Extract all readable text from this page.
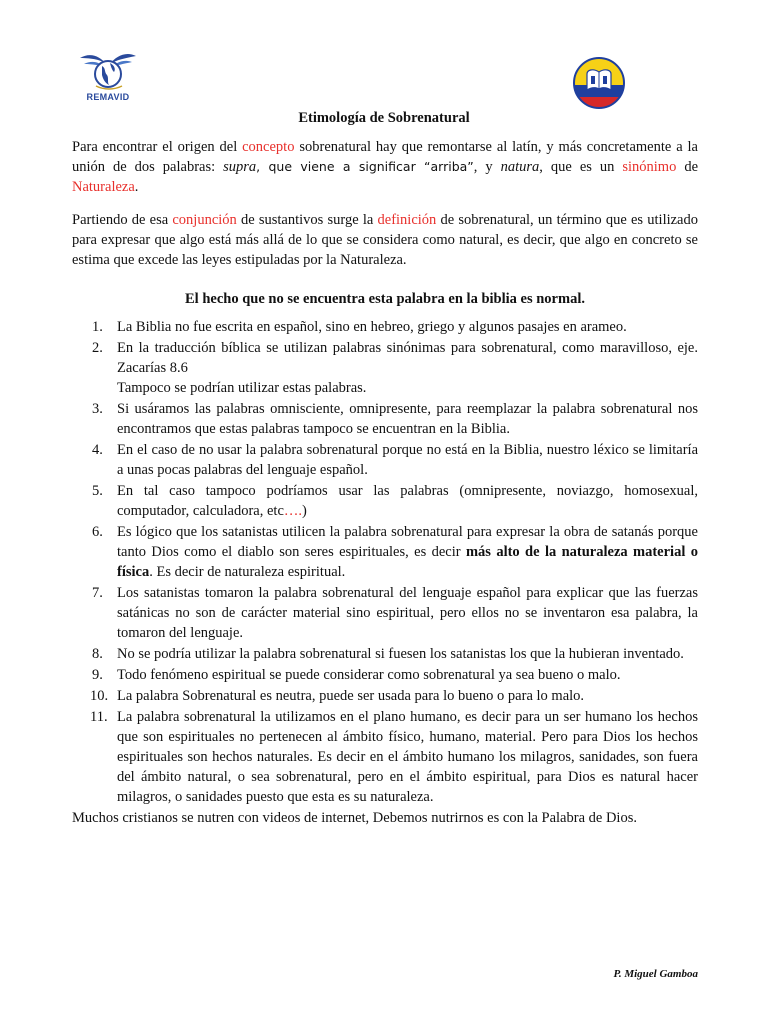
REMAVID
Etimología de Sobrenatural

Para encontrar el origen del concepto sobrenatural hay que remontarse al latín, y más concretamente a la unión de dos palabras: supra, que viene a significar “arriba”, y natura, que es un sinónimo de Naturaleza.

Partiendo de esa conjunción de sustantivos surge la definición de sobrenatural, un término que es utilizado para expresar que algo está más allá de lo que se considera como natural, es decir, que algo en concreto se estima que excede las leyes estipuladas por la Naturaleza.

El hecho que no se encuentra esta palabra en la biblia es normal.
1. La Biblia no fue escrita en español, sino en hebreo, griego y algunos pasajes en arameo.
2. En la traducción bíblica se utilizan palabras sinónimas para sobrenatural, como maravilloso, eje. Zacarías 8.6
Tampoco se podrían utilizar estas palabras.
3. Si usáramos las palabras omnisciente, omnipresente, para reemplazar la palabra sobrenatural nos encontramos que estas palabras tampoco se encuentran en la Biblia.
4. En el caso de no usar la palabra sobrenatural porque no está en la Biblia, nuestro léxico se limitaría a unas pocas palabras del lenguaje español.
5. En tal caso tampoco podríamos usar las palabras (omnipresente, noviazgo, homosexual, computador, calculadora, etc….)
6. Es lógico que los satanistas utilicen la palabra sobrenatural para expresar la obra de satanás porque tanto Dios como el diablo son seres espirituales, es decir más alto de la naturaleza material o física. Es decir de naturaleza espiritual.
7. Los satanistas tomaron la palabra sobrenatural del lenguaje español para explicar que las fuerzas satánicas no son de carácter material sino espiritual, pero ellos no se inventaron esa palabra, la tomaron del lenguaje.
8. No se podría utilizar la palabra sobrenatural si fuesen los satanistas los que la hubieran inventado.
9. Todo fenómeno espiritual se puede considerar como sobrenatural ya sea bueno o malo.
10. La palabra Sobrenatural es neutra, puede ser usada para lo bueno o para lo malo.
11. La palabra sobrenatural la utilizamos en el plano humano, es decir para un ser humano los hechos que son espirituales no pertenecen al ámbito físico, humano, material. Pero para Dios los hechos espirituales son hechos naturales. Es decir en el ámbito humano los milagros, sanidades, son fuera del ámbito natural, o sea sobrenatural, pero en el ámbito espiritual, para Dios es natural hacer milagros, o sanidades puesto que esta es su naturaleza.

Muchos cristianos se nutren con videos de internet, Debemos nutrirnos es con la Palabra de Dios.

P. Miguel Gamboa
